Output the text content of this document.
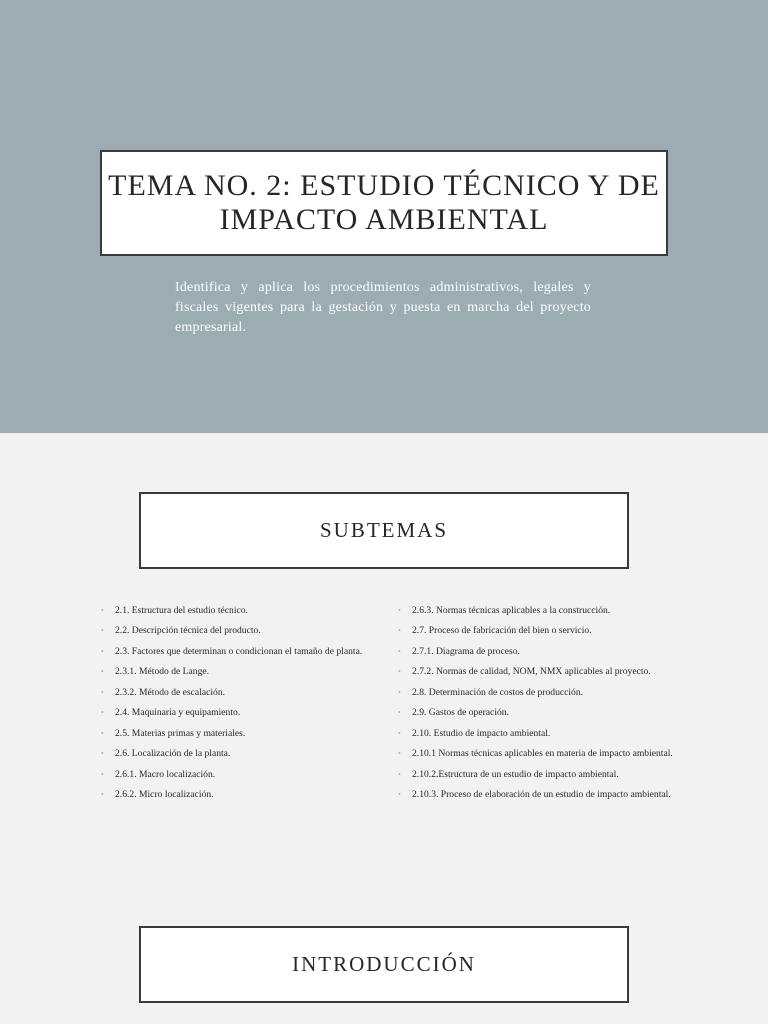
TEMA NO. 2: ESTUDIO TÉCNICO Y DE IMPACTO AMBIENTAL

Identifica y aplica los procedimientos administrativos, legales y fiscales vigentes para la gestación y puesta en marcha del proyecto empresarial.

SUBTEMAS
•	2.1. Estructura del estudio técnico.
•	2.2. Descripción técnica del producto.
•	2.3. Factores que determinan o condicionan el tamaño de planta.
•	2.3.1. Método de Lange.
•	2.3.2. Método de escalación.
•	2.4. Maquinaria y equipamiento.
•	2.5. Materias primas y materiales.
•	2.6. Localización de la planta.
•	2.6.1. Macro localización.
•	2.6.2. Micro localización.
•	2.6.3. Normas técnicas aplicables a la construcción.
•	2.7. Proceso de fabricación del bien o servicio.
•	2.7.1. Diagrama de proceso.
•	2.7.2. Normas de calidad, NOM, NMX aplicables al proyecto.
•	2.8. Determinación de costos de producción.
•	2.9. Gastos de operación.
•	2.10. Estudio de impacto ambiental.
•	2.10.1 Normas técnicas aplicables en materia de impacto ambiental.
•	2.10.2.Estructura de un estudio de impacto ambiental.
•	2.10.3. Proceso de elaboración de un estudio de impacto ambiental.
INTRODUCCIÓN
